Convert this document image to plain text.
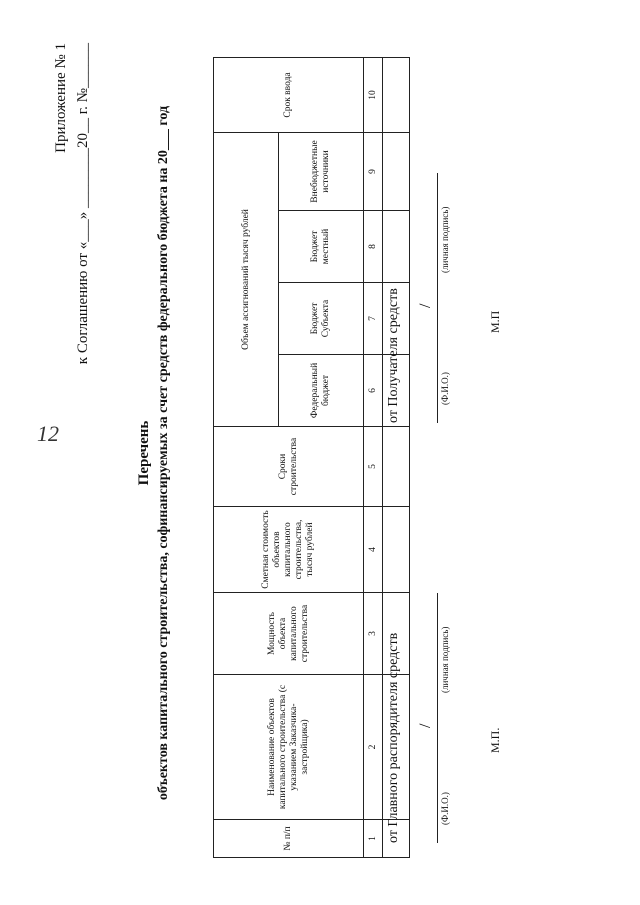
12
Приложение № 1 к Соглашению от «___» ________20__ г. №______
Перечень объектов капитального строительства, софинансируемых за счет средств федерального бюджета на 20___ год
№ п/п	Наименование объектов капитального строительства (с указанием Заказчика-застройщика)	Мощность объекта капитального строительства	Сметная стоимость объектов капитального строительства, тысяч рублей	Сроки строительства	Объем ассигнований тысяч рублей				Срок ввода
					Федеральный бюджет	Бюджет Субъекта	Бюджет местный	Внебюджетные источники	
1	2	3	4	5	6	7	8	9	10

от Главного распорядителя средств /
(Ф.И.О.)
(личная подпись)
М.П.
от Получателя средств /
(Ф.И.О.)
(личная подпись)
М.П
